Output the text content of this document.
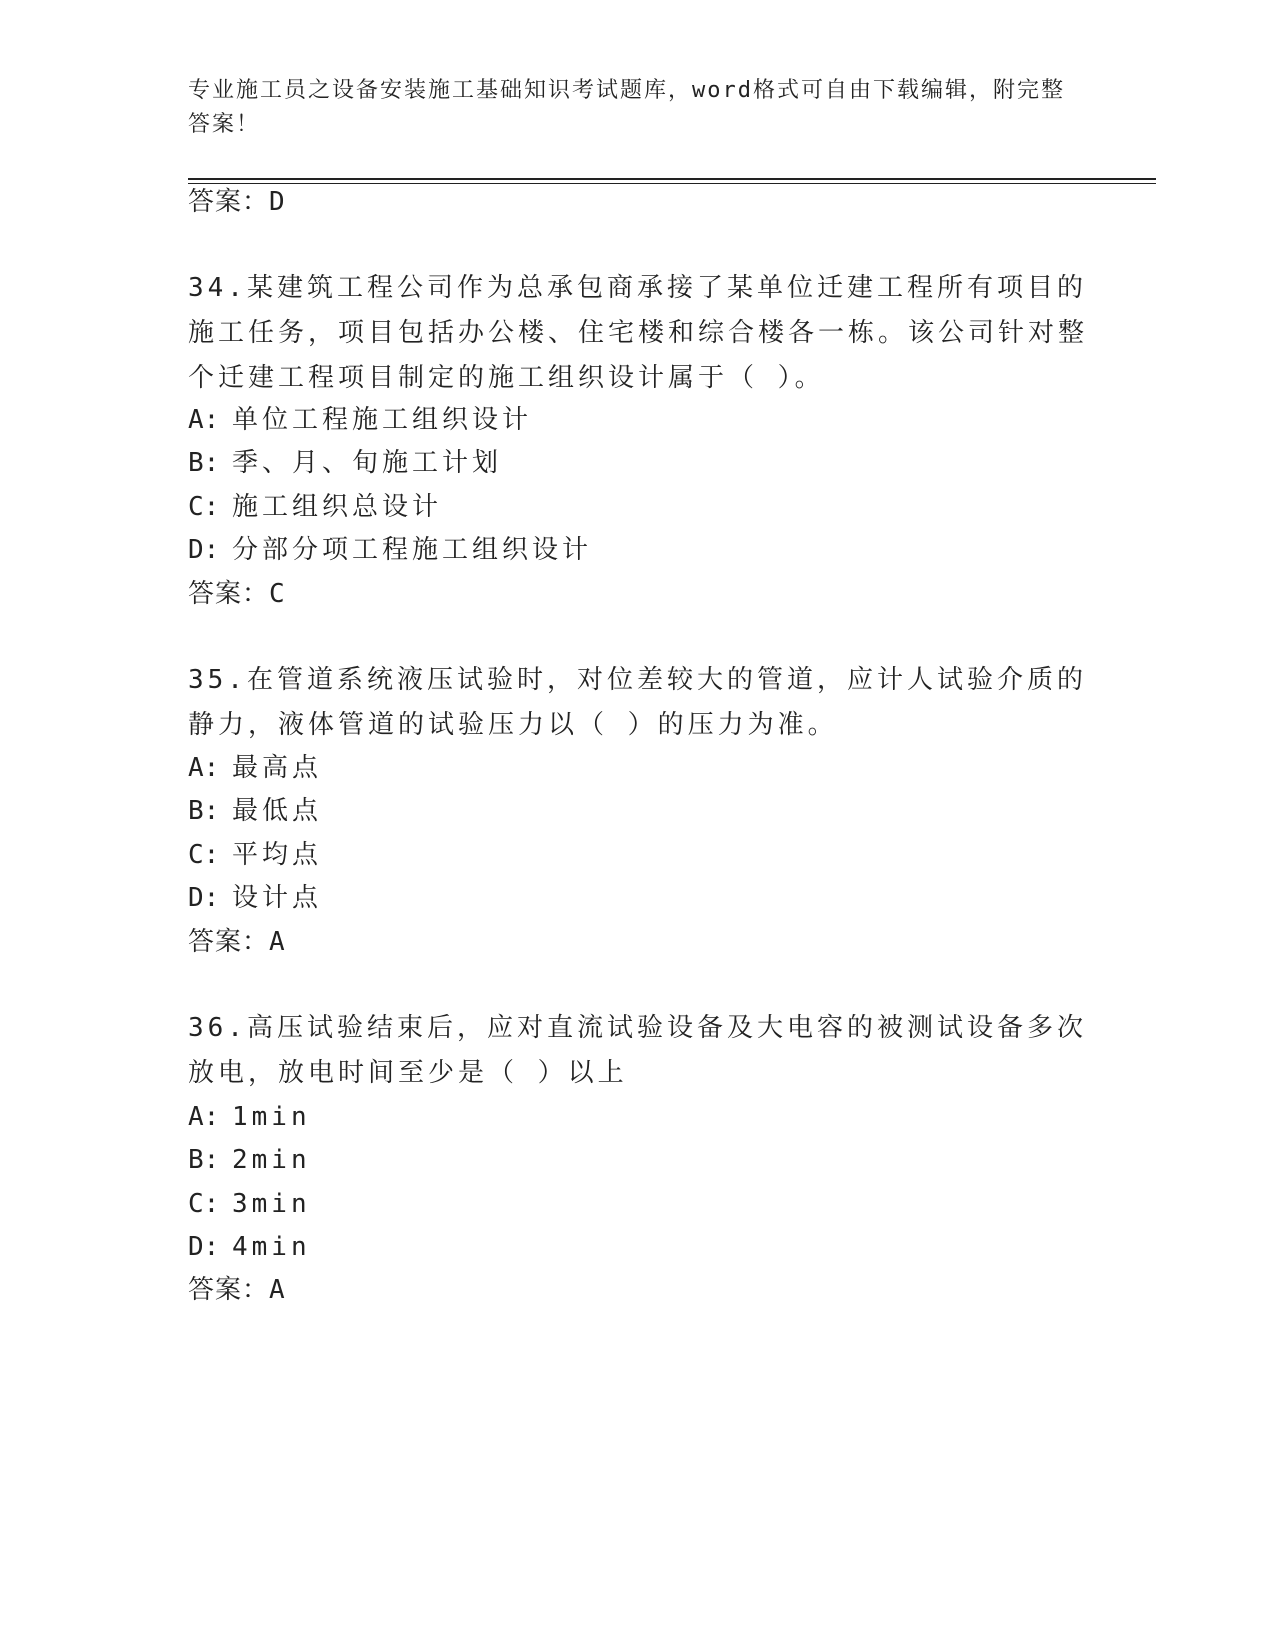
专业施工员之设备安装施工基础知识考试题库，word格式可自由下载编辑，附完整答案！
答案：D
34.某建筑工程公司作为总承包商承接了某单位迁建工程所有项目的施工任务，项目包括办公楼、住宅楼和综合楼各一栋。该公司针对整个迁建工程项目制定的施工组织设计属于（ ）。
A: 单位工程施工组织设计
B: 季、月、旬施工计划
C: 施工组织总设计
D: 分部分项工程施工组织设计
答案：C
35.在管道系统液压试验时，对位差较大的管道，应计人试验介质的静力，液体管道的试验压力以（ ）的压力为准。
A: 最高点
B: 最低点
C: 平均点
D: 设计点
答案：A
36.高压试验结束后，应对直流试验设备及大电容的被测试设备多次放电，放电时间至少是（ ）以上
A: 1min
B: 2min
C: 3min
D: 4min
答案：A
